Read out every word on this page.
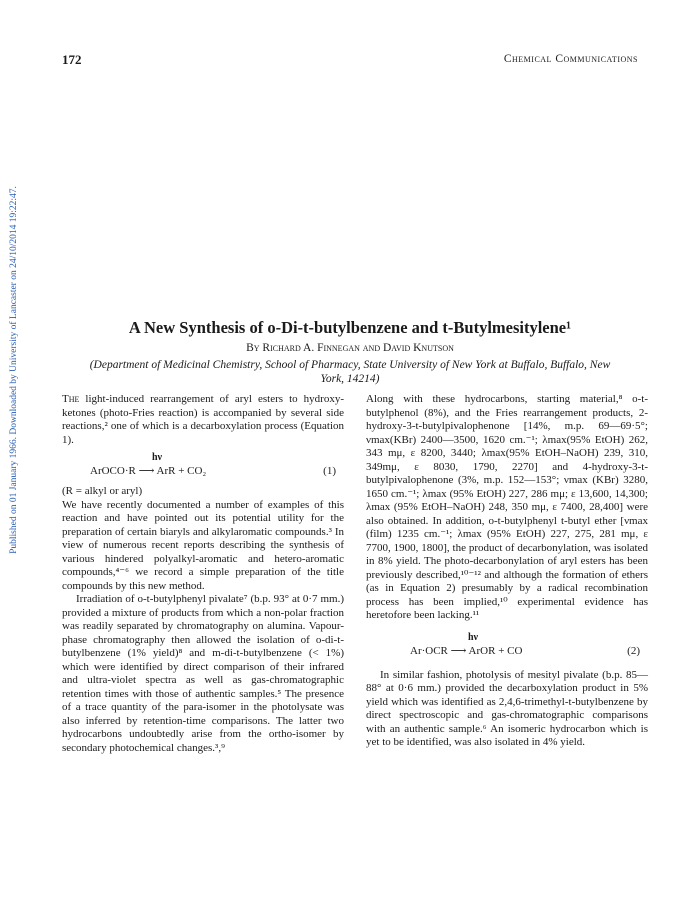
Published on 01 January 1966. Downloaded by University of Lancaster on 24/10/2014 19:22:47.
172	Chemical Communications
A New Synthesis of o-Di-t-butylbenzene and t-Butylmesitylene¹
By Richard A. Finnegan and David Knutson
(Department of Medicinal Chemistry, School of Pharmacy, State University of New York at Buffalo, Buffalo, New York, 14214)

The light-induced rearrangement of aryl esters to hydroxy-ketones (photo-Fries reaction) is accompanied by several side reactions,² one of which is a decarboxylation process (Equation 1).

hν
ArOCO·R ⟶ ArR + CO₂	(1)

(R = alkyl or aryl)

We have recently documented a number of examples of this reaction and have pointed out its potential utility for the preparation of certain biaryls and alkylaromatic compounds.³ In view of numerous recent reports describing the synthesis of various hindered polyalkyl-aromatic and hetero-aromatic compounds,⁴⁻⁶ we record a simple preparation of the title compounds by this new method.

Irradiation of o-t-butylphenyl pivalate⁷ (b.p. 93° at 0·7 mm.) provided a mixture of products from which a non-polar fraction was readily separated by chromatography on alumina. Vapour-phase chromatography then allowed the isolation of o-di-t-butylbenzene (1% yield)⁸ and m-di-t-butylbenzene (< 1%) which were identified by direct comparison of their infrared and ultra-violet spectra as well as gas-chromatographic retention times with those of authentic samples.⁵ The presence of a trace quantity of the para-isomer in the photolysate was also inferred by retention-time comparisons. The latter two hydrocarbons undoubtedly arise from the ortho-isomer by secondary photochemical changes.³,⁹

Along with these hydrocarbons, starting material,⁸ o-t-butylphenol (8%), and the Fries rearrangement products, 2-hydroxy-3-t-butylpivalophenone [14%, m.p. 69—69·5°; νmax(KBr) 2400—3500, 1620 cm.⁻¹; λmax(95% EtOH) 262, 343 mμ, ε 8200, 3440; λmax(95% EtOH–NaOH) 239, 310, 349mμ, ε 8030, 1790, 2270] and 4-hydroxy-3-t-butylpivalophenone (3%, m.p. 152—153°; νmax (KBr) 3280, 1650 cm.⁻¹; λmax (95% EtOH) 227, 286 mμ; ε 13,600, 14,300; λmax (95% EtOH–NaOH) 248, 350 mμ, ε 7400, 28,400] were also obtained. In addition, o-t-butylphenyl t-butyl ether [νmax (film) 1235 cm.⁻¹; λmax (95% EtOH) 227, 275, 281 mμ, ε 7700, 1900, 1800], the product of decarbonylation, was isolated in 8% yield. The photo-decarbonylation of aryl esters has been previously described,¹⁰⁻¹² and although the formation of ethers (as in Equation 2) presumably by a radical recombination process has been implied,¹⁰ experimental evidence has heretofore been lacking.¹¹

hν
Ar·OCR ⟶ ArOR + CO	(2)

In similar fashion, photolysis of mesityl pivalate (b.p. 85—88° at 0·6 mm.) provided the decarboxylation product in 5% yield which was identified as 2,4,6-trimethyl-t-butylbenzene by direct spectroscopic and gas-chromatographic comparisons with an authentic sample.⁶ An isomeric hydrocarbon which is yet to be identified, was also isolated in 4% yield.
